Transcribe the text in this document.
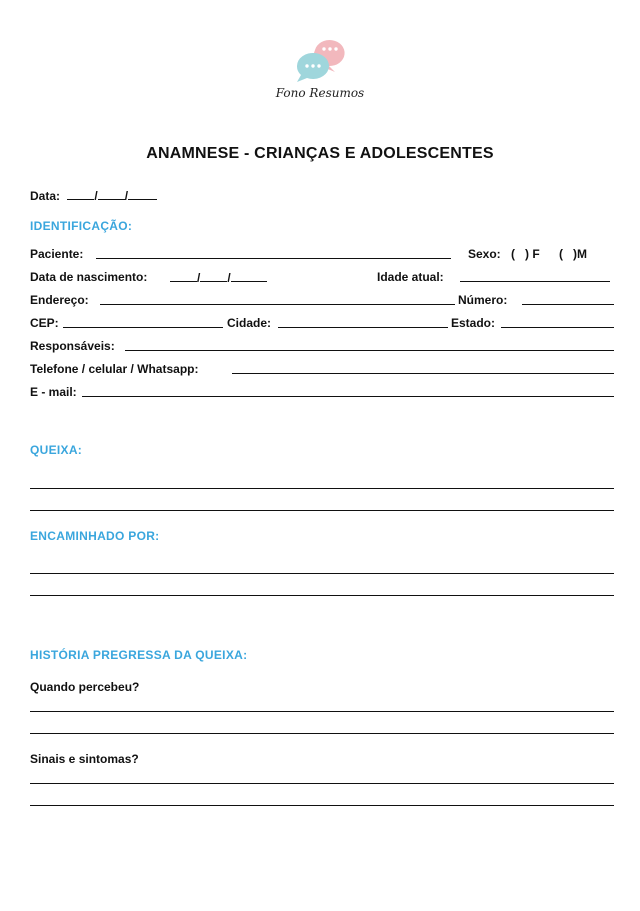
Fono Resumos
ANAMNESE - CRIANÇAS E ADOLESCENTES
Data:	/ /
IDENTIFICAÇÃO:
Paciente:	Sexo: (   ) F (   )M
Data de nascimento:	/ /	Idade atual:
Endereço:	Número:
CEP:	Cidade:	Estado:
Responsáveis:
Telefone / celular / Whatsapp:
E - mail:
QUEIXA:
ENCAMINHADO POR:
HISTÓRIA PREGRESSA DA QUEIXA:
Quando percebeu?
Sinais e sintomas?
